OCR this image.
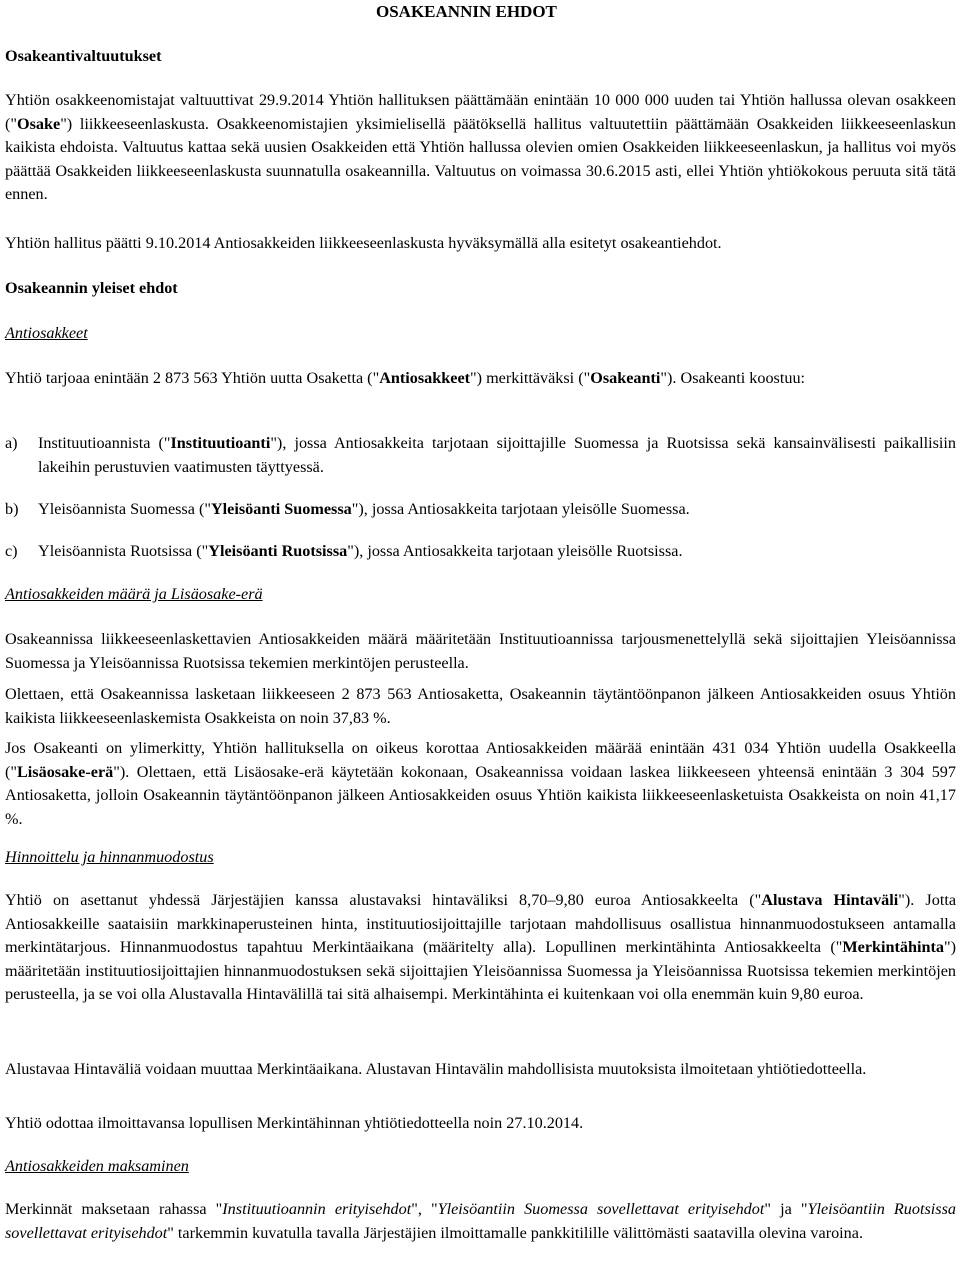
OSAKEANNIN EHDOT
Osakeantivaltuutukset

Yhtiön osakkeenomistajat valtuuttivat 29.9.2014 Yhtiön hallituksen päättämään enintään 10 000 000 uuden tai Yhtiön hallussa olevan osakkeen ("Osake") liikkeeseenlaskusta. Osakkeenomistajien yksimielisellä päätöksellä hallitus valtuutettiin päättämään Osakkeiden liikkeeseenlaskun kaikista ehdoista. Valtuutus kattaa sekä uusien Osakkeiden että Yhtiön hallussa olevien omien Osakkeiden liikkeeseenlaskun, ja hallitus voi myös päättää Osakkeiden liikkeeseenlaskusta suunnatulla osakeannilla. Valtuutus on voimassa 30.6.2015 asti, ellei Yhtiön yhtiökokous peruuta sitä tätä ennen.

Yhtiön hallitus päätti 9.10.2014 Antiosakkeiden liikkeeseenlaskusta hyväksymällä alla esitetyt osakeantiehdot.

Osakeannin yleiset ehdot
Antiosakkeet

Yhtiö tarjoaa enintään 2 873 563 Yhtiön uutta Osaketta ("Antiosakkeet") merkittäväksi ("Osakeanti"). Osakeanti koostuu:

a) Instituutioannista ("Instituutioanti"), jossa Antiosakkeita tarjotaan sijoittajille Suomessa ja Ruotsissa sekä kansainvälisesti paikallisiin lakeihin perustuvien vaatimusten täyttyessä.
b) Yleisöannista Suomessa ("Yleisöanti Suomessa"), jossa Antiosakkeita tarjotaan yleisölle Suomessa.
c) Yleisöannista Ruotsissa ("Yleisöanti Ruotsissa"), jossa Antiosakkeita tarjotaan yleisölle Ruotsissa.
Antiosakkeiden määrä ja Lisäosake-erä

Osakeannissa liikkeeseenlaskettavien Antiosakkeiden määrä määritetään Instituutioannissa tarjousmenettelyllä sekä sijoittajien Yleisöannissa Suomessa ja Yleisöannissa Ruotsissa tekemien merkintöjen perusteella.

Olettaen, että Osakeannissa lasketaan liikkeeseen 2 873 563 Antiosaketta, Osakeannin täytäntöönpanon jälkeen Antiosakkeiden osuus Yhtiön kaikista liikkeeseenlaskemista Osakkeista on noin 37,83 %.

Jos Osakeanti on ylimerkitty, Yhtiön hallituksella on oikeus korottaa Antiosakkeiden määrää enintään 431 034 Yhtiön uudella Osakkeella ("Lisäosake-erä"). Olettaen, että Lisäosake-erä käytetään kokonaan, Osakeannissa voidaan laskea liikkeeseen yhteensä enintään 3 304 597 Antiosaketta, jolloin Osakeannin täytäntöönpanon jälkeen Antiosakkeiden osuus Yhtiön kaikista liikkeeseenlasketuista Osakkeista on noin 41,17 %.

Hinnoittelu ja hinnanmuodostus

Yhtiö on asettanut yhdessä Järjestäjien kanssa alustavaksi hintaväliksi 8,70–9,80 euroa Antiosakkeelta ("Alustava Hintaväli"). Jotta Antiosakkeille saataisiin markkinaperusteinen hinta, instituutiosijoittajille tarjotaan mahdollisuus osallistua hinnanmuodostukseen antamalla merkintätarjous. Hinnanmuodostus tapahtuu Merkintäaikana (määritelty alla). Lopullinen merkintähinta Antiosakkeelta ("Merkintähinta") määritetään instituutiosijoittajien hinnanmuodostuksen sekä sijoittajien Yleisöannissa Suomessa ja Yleisöannissa Ruotsissa tekemien merkintöjen perusteella, ja se voi olla Alustavalla Hintavälillä tai sitä alhaisempi. Merkintähinta ei kuitenkaan voi olla enemmän kuin 9,80 euroa.

Alustavaa Hintaväliä voidaan muuttaa Merkintäaikana. Alustavan Hintavälin mahdollisista muutoksista ilmoitetaan yhtiötiedotteella.

Yhtiö odottaa ilmoittavansa lopullisen Merkintähinnan yhtiötiedotteella noin 27.10.2014.

Antiosakkeiden maksaminen

Merkinnät maksetaan rahassa "Instituutioannin erityisehdot", "Yleisöantiin Suomessa sovellettavat erityisehdot" ja "Yleisöantiin Ruotsissa sovellettavat erityisehdot" tarkemmin kuvatulla tavalla Järjestäjien ilmoittamalle pankkitilille välittömästi saatavilla olevina varoina.
